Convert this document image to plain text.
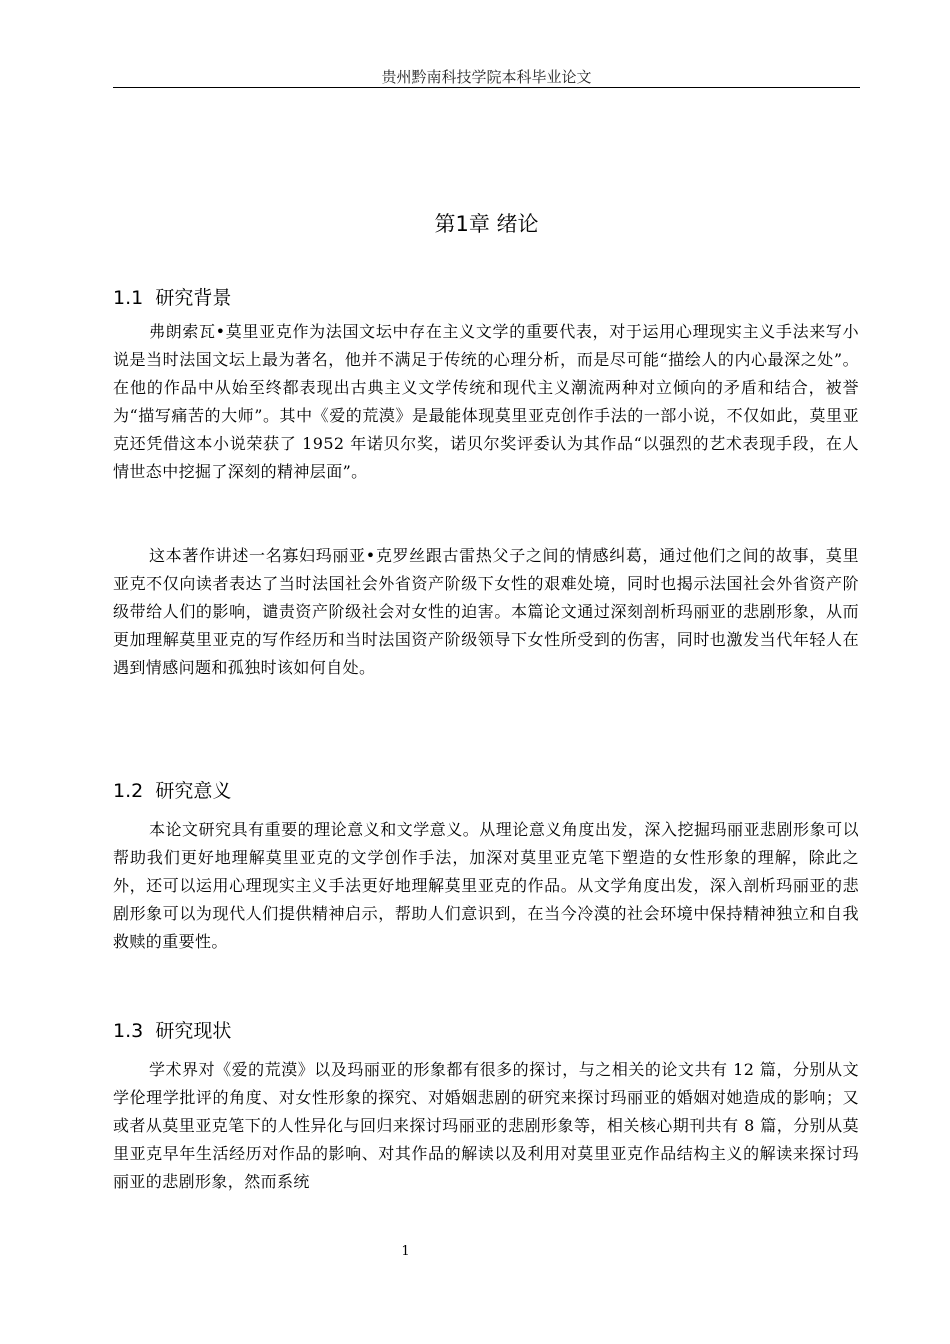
贵州黔南科技学院本科毕业论文
第1章 绪论
1.1 研究背景

弗朗索瓦•莫里亚克作为法国文坛中存在主义文学的重要代表，对于运用心理现实主义手法来写小说是当时法国文坛上最为著名，他并不满足于传统的心理分析，而是尽可能“描绘人的内心最深之处”。在他的作品中从始至终都表现出古典主义文学传统和现代主义潮流两种对立倾向的矛盾和结合，被誉为“描写痛苦的大师”。其中《爱的荒漠》是最能体现莫里亚克创作手法的一部小说，不仅如此，莫里亚克还凭借这本小说荣获了 1952 年诺贝尔奖，诺贝尔奖评委认为其作品“以强烈的艺术表现手段，在人情世态中挖掘了深刻的精神层面”。

这本著作讲述一名寡妇玛丽亚•克罗丝跟古雷热父子之间的情感纠葛，通过他们之间的故事，莫里亚克不仅向读者表达了当时法国社会外省资产阶级下女性的艰难处境，同时也揭示法国社会外省资产阶级带给人们的影响，谴责资产阶级社会对女性的迫害。本篇论文通过深刻剖析玛丽亚的悲剧形象，从而更加理解莫里亚克的写作经历和当时法国资产阶级领导下女性所受到的伤害，同时也激发当代年轻人在遇到情感问题和孤独时该如何自处。

1.2 研究意义

本论文研究具有重要的理论意义和文学意义。从理论意义角度出发，深入挖掘玛丽亚悲剧形象可以帮助我们更好地理解莫里亚克的文学创作手法，加深对莫里亚克笔下塑造的女性形象的理解，除此之外，还可以运用心理现实主义手法更好地理解莫里亚克的作品。从文学角度出发，深入剖析玛丽亚的悲剧形象可以为现代人们提供精神启示，帮助人们意识到，在当今冷漠的社会环境中保持精神独立和自我救赎的重要性。

1.3 研究现状

学术界对《爱的荒漠》以及玛丽亚的形象都有很多的探讨，与之相关的论文共有 12 篇，分别从文学伦理学批评的角度、对女性形象的探究、对婚姻悲剧的研究来探讨玛丽亚的婚姻对她造成的影响；又或者从莫里亚克笔下的人性异化与回归来探讨玛丽亚的悲剧形象等，相关核心期刊共有 8 篇，分别从莫里亚克早年生活经历对作品的影响、对其作品的解读以及利用对莫里亚克作品结构主义的解读来探讨玛丽亚的悲剧形象，然而系统

1
